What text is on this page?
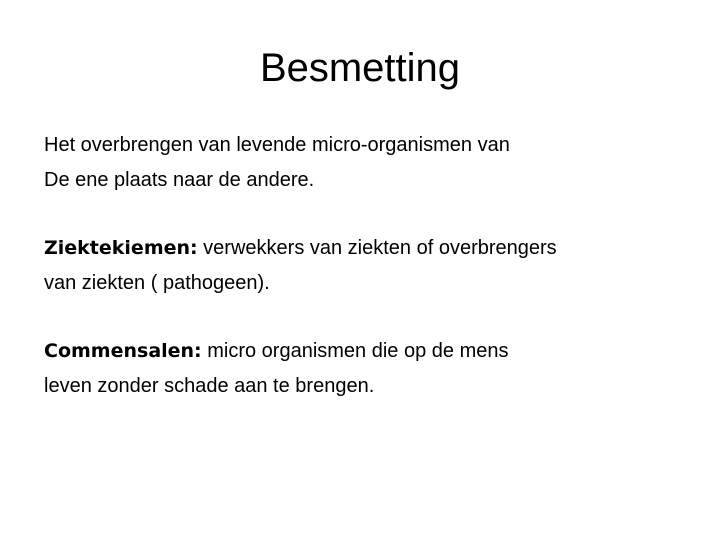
Besmetting

Het overbrengen van levende micro-organismen van
De ene plaats naar de andere.

Ziektekiemen: verwekkers van ziekten of overbrengers
van ziekten ( pathogeen).

Commensalen: micro organismen die op de mens
leven zonder schade aan te brengen.
